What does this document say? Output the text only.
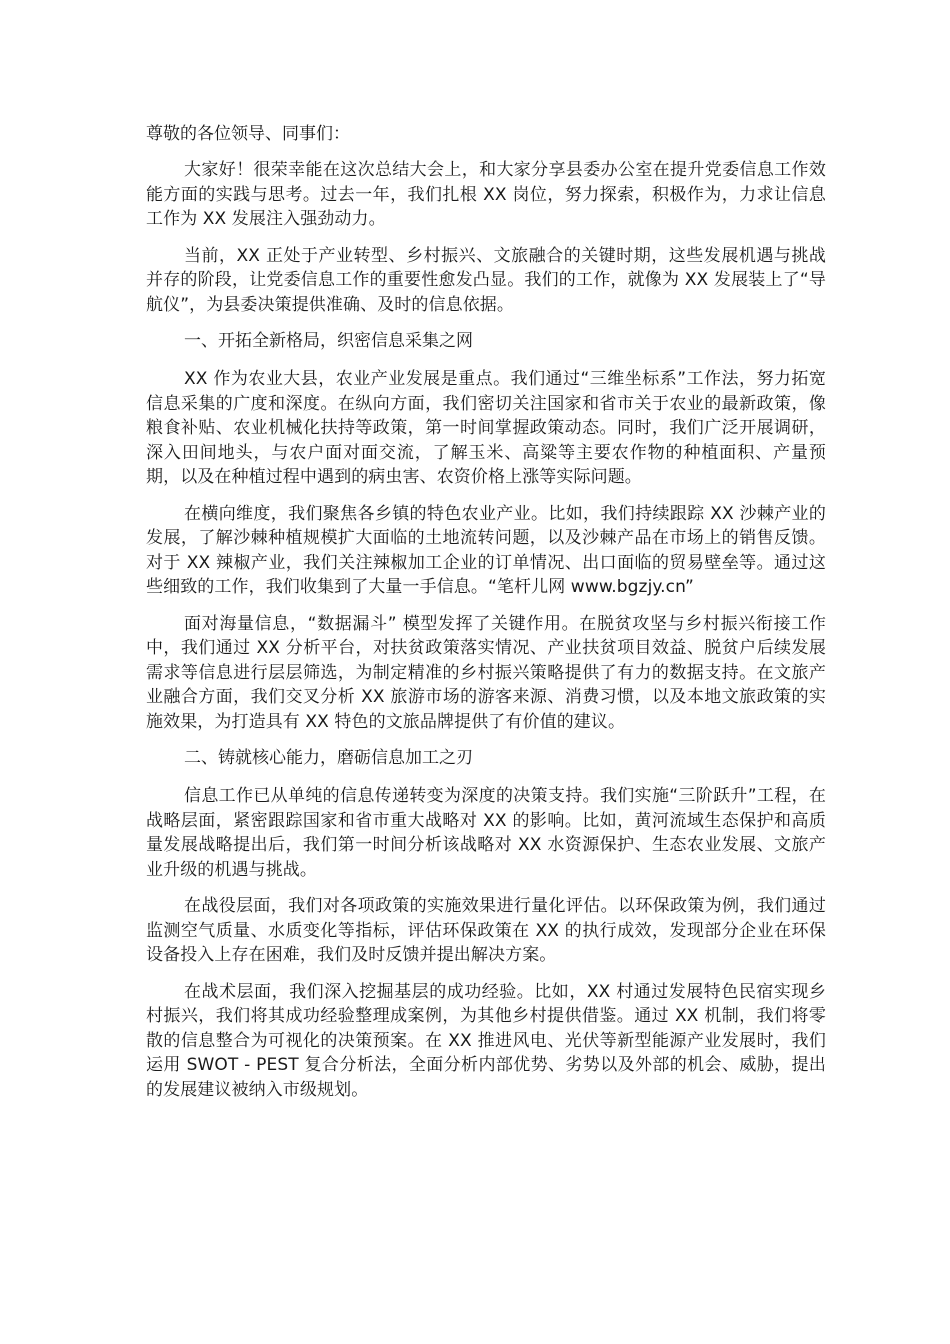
尊敬的各位领导、同事们：

大家好！很荣幸能在这次总结大会上，和大家分享县委办公室在提升党委信息工作效能方面的实践与思考。过去一年，我们扎根 XX 岗位，努力探索，积极作为，力求让信息工作为 XX 发展注入强劲动力。

当前，XX 正处于产业转型、乡村振兴、文旅融合的关键时期，这些发展机遇与挑战并存的阶段，让党委信息工作的重要性愈发凸显。我们的工作，就像为 XX 发展装上了“导航仪”，为县委决策提供准确、及时的信息依据。

一、开拓全新格局，织密信息采集之网

XX 作为农业大县，农业产业发展是重点。我们通过“三维坐标系”工作法，努力拓宽信息采集的广度和深度。在纵向方面，我们密切关注国家和省市关于农业的最新政策，像粮食补贴、农业机械化扶持等政策，第一时间掌握政策动态。同时，我们广泛开展调研，深入田间地头，与农户面对面交流，了解玉米、高粱等主要农作物的种植面积、产量预期，以及在种植过程中遇到的病虫害、农资价格上涨等实际问题。

在横向维度，我们聚焦各乡镇的特色农业产业。比如，我们持续跟踪 XX 沙棘产业的发展，了解沙棘种植规模扩大面临的土地流转问题，以及沙棘产品在市场上的销售反馈。对于 XX 辣椒产业，我们关注辣椒加工企业的订单情况、出口面临的贸易壁垒等。通过这些细致的工作，我们收集到了大量一手信息。“笔杆儿网 www.bgzjy.cn”

面对海量信息，“数据漏斗” 模型发挥了关键作用。在脱贫攻坚与乡村振兴衔接工作中，我们通过 XX 分析平台，对扶贫政策落实情况、产业扶贫项目效益、脱贫户后续发展需求等信息进行层层筛选，为制定精准的乡村振兴策略提供了有力的数据支持。在文旅产业融合方面，我们交叉分析 XX 旅游市场的游客来源、消费习惯，以及本地文旅政策的实施效果，为打造具有 XX 特色的文旅品牌提供了有价值的建议。

二、铸就核心能力，磨砺信息加工之刃

信息工作已从单纯的信息传递转变为深度的决策支持。我们实施“三阶跃升”工程，在战略层面，紧密跟踪国家和省市重大战略对 XX 的影响。比如，黄河流域生态保护和高质量发展战略提出后，我们第一时间分析该战略对 XX 水资源保护、生态农业发展、文旅产业升级的机遇与挑战。

在战役层面，我们对各项政策的实施效果进行量化评估。以环保政策为例，我们通过监测空气质量、水质变化等指标，评估环保政策在 XX 的执行成效，发现部分企业在环保设备投入上存在困难，我们及时反馈并提出解决方案。

在战术层面，我们深入挖掘基层的成功经验。比如，XX 村通过发展特色民宿实现乡村振兴，我们将其成功经验整理成案例，为其他乡村提供借鉴。通过 XX 机制，我们将零散的信息整合为可视化的决策预案。在 XX 推进风电、光伏等新型能源产业发展时，我们运用 SWOT - PEST 复合分析法，全面分析内部优势、劣势以及外部的机会、威胁，提出的发展建议被纳入市级规划。
